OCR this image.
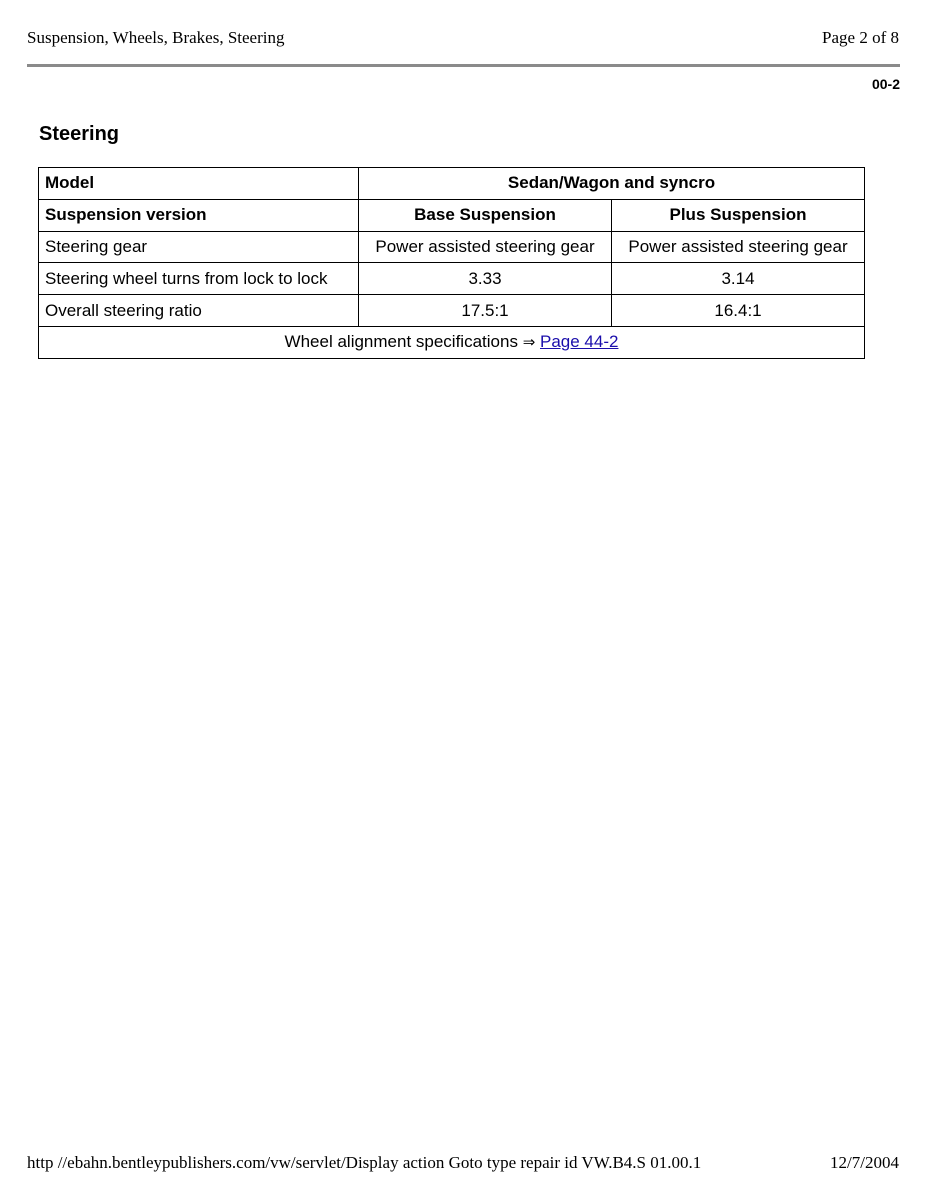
Suspension, Wheels, Brakes, Steering	Page 2 of 8
00-2
Steering
Model	Sedan/Wagon and syncro	
Suspension version	Base Suspension	Plus Suspension
Steering gear	Power assisted steering gear	Power assisted steering gear
Steering wheel turns from lock to lock	3.33	3.14
Overall steering ratio	17.5:1	16.4:1
Wheel alignment specifications ⇒ Page 44-2		
http //ebahn.bentleypublishers.com/vw/servlet/Display action Goto type repair id VW.B4.S 01.00.1	12/7/2004
